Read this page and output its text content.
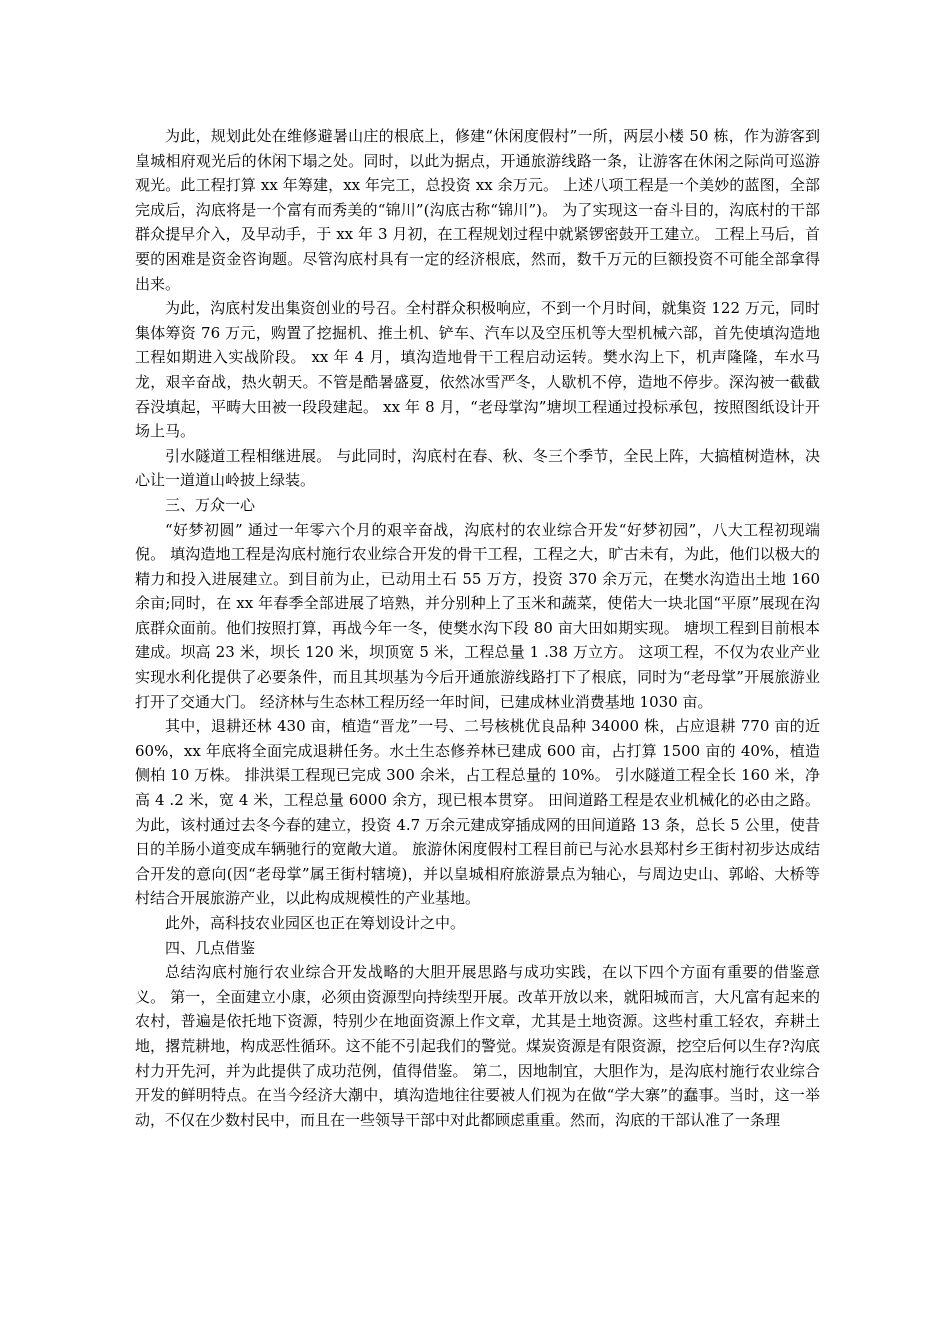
为此，规划此处在维修避暑山庄的根底上，修建“休闲度假村”一所，两层小楼 50 栋，作为游客到皇城相府观光后的休闲下塌之处。同时，以此为据点，开通旅游线路一条，让游客在休闲之际尚可巡游观光。此工程打算 xx 年筹建，xx 年完工，总投资 xx 余万元。 上述八项工程是一个美妙的蓝图，全部完成后，沟底将是一个富有而秀美的“锦川”(沟底古称“锦川”)。 为了实现这一奋斗目的，沟底村的干部群众提早介入，及早动手，于 xx 年 3 月初，在工程规划过程中就紧锣密鼓开工建立。 工程上马后，首要的困难是资金咨询题。尽管沟底村具有一定的经济根底，然而，数千万元的巨额投资不可能全部拿得出来。

为此，沟底村发出集资创业的号召。全村群众积极响应，不到一个月时间，就集资 122 万元，同时集体筹资 76 万元，购置了挖掘机、推土机、铲车、汽车以及空压机等大型机械六部，首先使填沟造地工程如期进入实战阶段。 xx 年 4 月，填沟造地骨干工程启动运转。樊水沟上下，机声隆隆，车水马龙，艰辛奋战，热火朝天。不管是酷暑盛夏，依然冰雪严冬，人歇机不停，造地不停步。深沟被一截截吞没填起，平畴大田被一段段建起。 xx 年 8 月，“老母掌沟”塘坝工程通过投标承包，按照图纸设计开场上马。

引水隧道工程相继进展。 与此同时，沟底村在春、秋、冬三个季节，全民上阵，大搞植树造林，决心让一道道山岭披上绿装。

三、万众一心

“好梦初圆” 通过一年零六个月的艰辛奋战，沟底村的农业综合开发“好梦初园”，八大工程初现端倪。 填沟造地工程是沟底村施行农业综合开发的骨干工程，工程之大，旷古未有，为此，他们以极大的精力和投入进展建立。到目前为止，已动用土石 55 万方，投资 370 余万元，在樊水沟造出土地 160 余亩;同时，在 xx 年春季全部进展了培熟，并分别种上了玉米和蔬菜，使偌大一块北国“平原”展现在沟底群众面前。他们按照打算，再战今年一冬，使樊水沟下段 80 亩大田如期实现。 塘坝工程到目前根本建成。坝高 23 米，坝长 120 米，坝顶宽 5 米，工程总量 1 .38 万立方。 这项工程，不仅为农业产业实现水利化提供了必要条件，而且其坝基为今后开通旅游线路打下了根底，同时为“老母掌”开展旅游业打开了交通大门。 经济林与生态林工程历经一年时间，已建成林业消费基地 1030 亩。

其中，退耕还林 430 亩，植造“晋龙”一号、二号核桃优良品种 34000 株，占应退耕 770 亩的近 60%，xx 年底将全面完成退耕任务。水土生态修养林已建成 600 亩，占打算 1500 亩的 40%，植造侧柏 10 万株。 排洪渠工程现已完成 300 余米，占工程总量的 10%。 引水隧道工程全长 160 米，净高 4 .2 米，宽 4 米，工程总量 6000 余方，现已根本贯穿。 田间道路工程是农业机械化的必由之路。为此，该村通过去冬今春的建立，投资 4.7 万余元建成穿插成网的田间道路 13 条，总长 5 公里，使昔日的羊肠小道变成车辆驰行的宽敞大道。 旅游休闲度假村工程目前已与沁水县郑村乡王街村初步达成结合开发的意向(因“老母掌”属王街村辖境)，并以皇城相府旅游景点为轴心，与周边史山、郭峪、大桥等村结合开展旅游产业，以此构成规模性的产业基地。

此外，高科技农业园区也正在筹划设计之中。

四、几点借鉴

总结沟底村施行农业综合开发战略的大胆开展思路与成功实践，在以下四个方面有重要的借鉴意义。 第一，全面建立小康，必须由资源型向持续型开展。改革开放以来，就阳城而言，大凡富有起来的农村，普遍是依托地下资源，特别少在地面资源上作文章，尤其是土地资源。这些村重工轻农，弃耕土地，撂荒耕地，构成恶性循环。这不能不引起我们的警觉。煤炭资源是有限资源，挖空后何以生存?沟底村力开先河，并为此提供了成功范例，值得借鉴。 第二，因地制宜，大胆作为，是沟底村施行农业综合开发的鲜明特点。在当今经济大潮中，填沟造地往往要被人们视为在做“学大寨”的蠢事。当时，这一举动，不仅在少数村民中，而且在一些领导干部中对此都顾虑重重。然而，沟底的干部认准了一条理
